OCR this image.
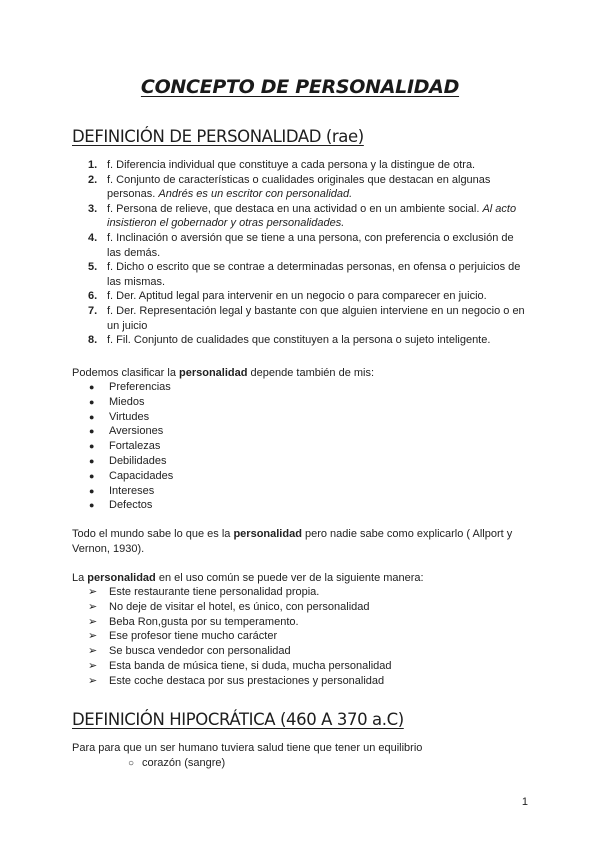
CONCEPTO DE PERSONALIDAD
DEFINICIÓN DE PERSONALIDAD (rae)
1. f. Diferencia individual que constituye a cada persona y la distingue de otra.
2. f. Conjunto de características o cualidades originales que destacan en algunas personas. Andrés es un escritor con personalidad.
3. f. Persona de relieve, que destaca en una actividad o en un ambiente social. Al acto insistieron el gobernador y otras personalidades.
4. f. Inclinación o aversión que se tiene a una persona, con preferencia o exclusión de las demás.
5. f. Dicho o escrito que se contrae a determinadas personas, en ofensa o perjuicios de las mismas.
6. f. Der. Aptitud legal para intervenir en un negocio o para comparecer en juicio.
7. f. Der. Representación legal y bastante con que alguien interviene en un negocio o en un juicio
8. f. Fil. Conjunto de cualidades que constituyen a la persona o sujeto inteligente.
Podemos clasificar la personalidad depende también de mis:
● Preferencias
● Miedos
● Virtudes
● Aversiones
● Fortalezas
● Debilidades
● Capacidades
● Intereses
● Defectos
Todo el mundo sabe lo que es la personalidad pero nadie sabe como explicarlo ( Allport y Vernon, 1930).
La personalidad en el uso común se puede ver de la siguiente manera:
➢ Este restaurante tiene personalidad propia.
➢ No deje de visitar el hotel, es único, con personalidad
➢ Beba Ron,gusta por su temperamento.
➢ Ese profesor tiene mucho carácter
➢ Se busca vendedor con personalidad
➢ Esta banda de música tiene, si duda, mucha personalidad
➢ Este coche destaca por sus prestaciones y personalidad
DEFINICIÓN HIPOCRÁTICA (460 A 370 a.C)
Para para que un ser humano tuviera salud tiene que tener un equilibrio
○ corazón (sangre)
1
